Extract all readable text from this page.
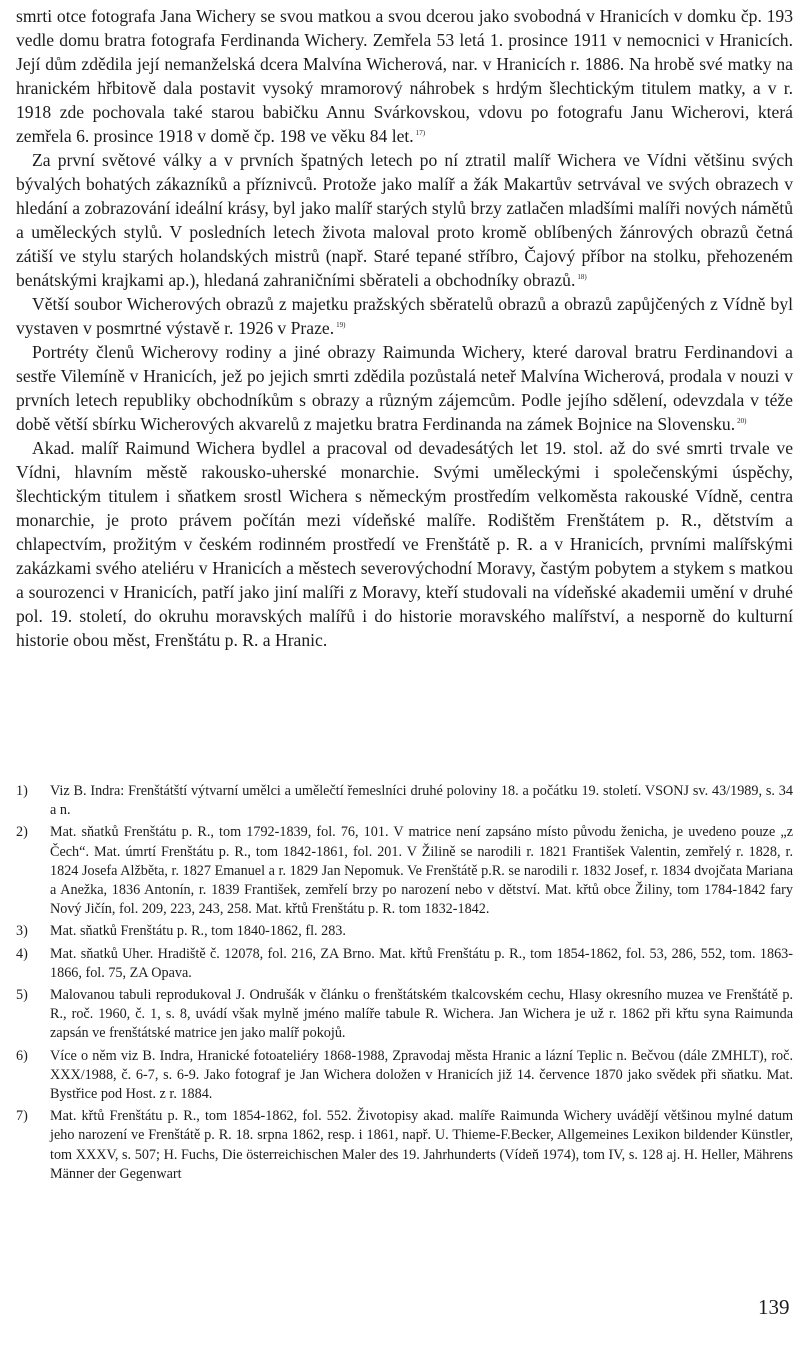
smrti otce fotografa Jana Wichery se svou matkou a svou dcerou jako svobodná v Hranicích v domku čp. 193 vedle domu bratra fotografa Ferdinanda Wichery. Zemřela 53 letá 1. prosince 1911 v nemocnici v Hranicích. Její dům zdědila její nemanželská dcera Malvína Wicherová, nar. v Hranicích r. 1886. Na hrobě své matky na hranickém hřbitově dala postavit vysoký mramorový náhrobek s hrdým šlechtickým titulem matky, a v r. 1918 zde pochovala také starou babičku Annu Svárkovskou, vdovu po fotografu Janu Wicherovi, která zemřela 6. prosince 1918 v domě čp. 198 ve věku 84 let. $^{17)}$

Za první světové války a v prvních špatných letech po ní ztratil malíř Wichera ve Vídni většinu svých bývalých bohatých zákazníků a příznivců. Protože jako malíř a žák Makartův setrvával ve svých obrazech v hledání a zobrazování ideální krásy, byl jako malíř starých stylů brzy zatlačen mladšími malíři nových námětů a uměleckých stylů. V posledních letech života maloval proto kromě oblíbených žánrových obrazů četná zátiší ve stylu starých holandských mistrů (např. Staré tepané stříbro, Čajový příbor na stolku, přehozeném benátskými krajkami ap.), hledaná zahraničními sběrateli a obchodníky obrazů. $^{18)}$

Větší soubor Wicherových obrazů z majetku pražských sběratelů obrazů a obrazů zapůjčených z Vídně byl vystaven v posmrtné výstavě r. 1926 v Praze. $^{19)}$

Portréty členů Wicherovy rodiny a jiné obrazy Raimunda Wichery, které daroval bratru Ferdinandovi a sestře Vilemíně v Hranicích, jež po jejich smrti zdědila pozůstalá neteř Malvína Wicherová, prodala v nouzi v prvních letech republiky obchodníkům s obrazy a různým zájemcům. Podle jejího sdělení, odevzdala v téže době větší sbírku Wicherových akvarelů z majetku bratra Ferdinanda na zámek Bojnice na Slovensku. $^{20)}$

Akad. malíř Raimund Wichera bydlel a pracoval od devadesátých let 19. stol. až do své smrti trvale ve Vídni, hlavním městě rakousko-uherské monarchie. Svými uměleckými i společenskými úspěchy, šlechtickým titulem i sňatkem srostl Wichera s německým prostředím velkoměsta rakouské Vídně, centra monarchie, je proto právem počítán mezi vídeňské malíře. Rodištěm Frenštátem p. R., dětstvím a chlapectvím, prožitým v českém rodinném prostředí ve Frenštátě p. R. a v Hranicích, prvními malířskými zakázkami svého ateliéru v Hranicích a městech severovýchodní Moravy, častým pobytem a stykem s matkou a sourozenci v Hranicích, patří jako jiní malíři z Moravy, kteří studovali na vídeňské akademii umění v druhé pol. 19. století, do okruhu moravských malířů i do historie moravského malířství, a nesporně do kulturní historie obou měst, Frenštátu p. R. a Hranic.

1)	Viz B. Indra: Frenštátští výtvarní umělci a umělečtí řemeslníci druhé poloviny 18. a počátku 19. století. VSONJ sv. 43/1989, s. 34 a n.
2)	Mat. sňatků Frenštátu p. R., tom 1792-1839, fol. 76, 101. V matrice není zapsáno místo původu ženicha, je uvedeno pouze „z Čech“. Mat. úmrtí Frenštátu p. R., tom 1842-1861, fol. 201. V Žilině se narodili r. 1821 František Valentin, zemřelý r. 1828, r. 1824 Josefa Alžběta, r. 1827 Emanuel a r. 1829 Jan Nepomuk. Ve Frenštátě p.R. se narodili r. 1832 Josef, r. 1834 dvojčata Mariana a Anežka, 1836 Antonín, r. 1839 František, zemřelí brzy po narození nebo v dětství. Mat. křtů obce Žiliny, tom 1784-1842 fary Nový Jičín, fol. 209, 223, 243, 258. Mat. křtů Frenštátu p. R. tom 1832-1842.
3)	Mat. sňatků Frenštátu p. R., tom 1840-1862, fl. 283.
4)	Mat. sňatků Uher. Hradiště č. 12078, fol. 216, ZA Brno. Mat. křtů Frenštátu p. R., tom 1854-1862, fol. 53, 286, 552, tom. 1863-1866, fol. 75, ZA Opava.
5)	Malovanou tabuli reprodukoval J. Ondrušák v článku o frenštátském tkalcovském cechu, Hlasy okresního muzea ve Frenštátě p. R., roč. 1960, č. 1, s. 8, uvádí však mylně jméno malíře tabule R. Wichera. Jan Wichera je už r. 1862 při křtu syna Raimunda zapsán ve frenštátské matrice jen jako malíř pokojů.
6)	Více o něm viz B. Indra, Hranické fotoateliéry 1868-1988, Zpravodaj města Hranic a lázní Teplic n. Bečvou (dále ZMHLT), roč. XXX/1988, č. 6-7, s. 6-9. Jako fotograf je Jan Wichera doložen v Hranicích již 14. července 1870 jako svědek při sňatku. Mat. Bystřice pod Host. z r. 1884.
7)	Mat. křtů Frenštátu p. R., tom 1854-1862, fol. 552. Životopisy akad. malíře Raimunda Wichery uvádějí většinou mylné datum jeho narození ve Frenštátě p. R. 18. srpna 1862, resp. i 1861, např. U. Thieme-F.Becker, Allgemeines Lexikon bildender Künstler, tom XXXV, s. 507; H. Fuchs, Die österreichischen Maler des 19. Jahrhunderts (Vídeň 1974), tom IV, s. 128 aj. H. Heller, Mährens Männer der Gegenwart
139
